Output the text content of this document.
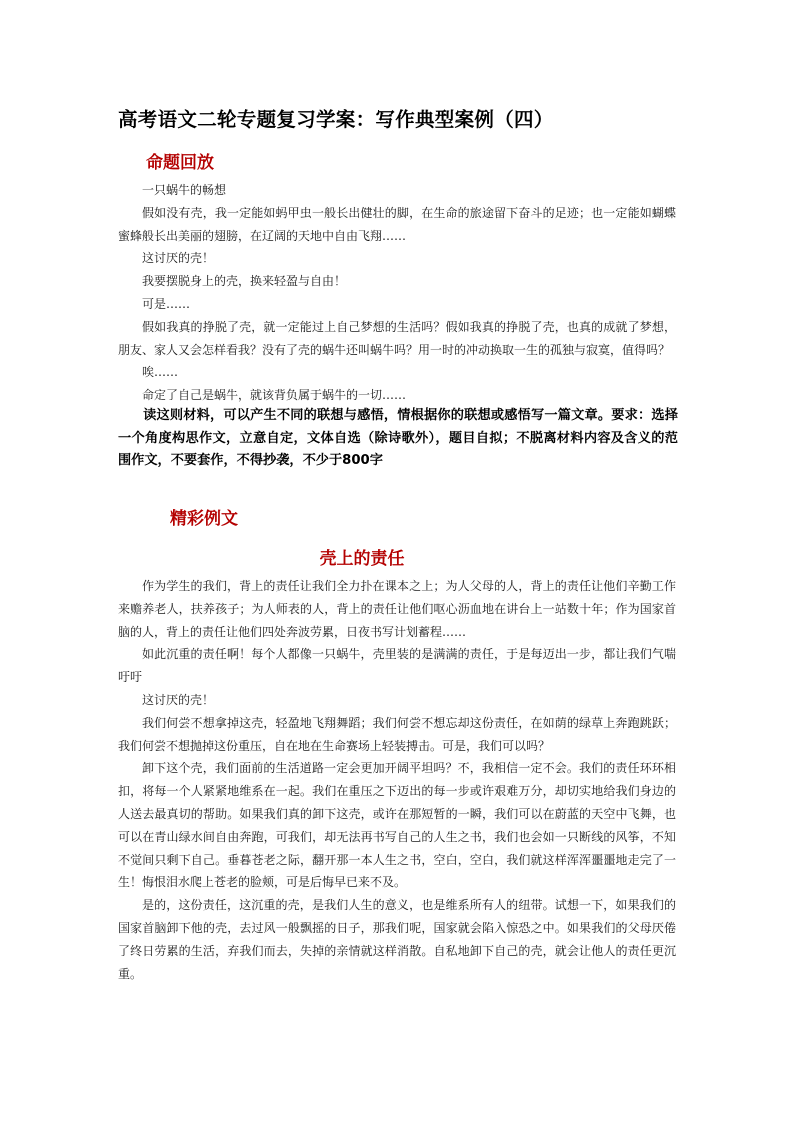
高考语文二轮专题复习学案：写作典型案例（四）
命题回放

一只蜗牛的畅想

假如没有壳，我一定能如蚂甲虫一般长出健壮的脚，在生命的旅途留下奋斗的足迹；也一定能如蝴蝶蜜蜂般长出美丽的翅膀，在辽阔的天地中自由飞翔……

这讨厌的壳！

我要摆脱身上的壳，换来轻盈与自由！

可是……

假如我真的挣脱了壳，就一定能过上自己梦想的生活吗？假如我真的挣脱了壳，也真的成就了梦想，朋友、家人又会怎样看我？没有了壳的蜗牛还叫蜗牛吗？用一时的冲动换取一生的孤独与寂寞，值得吗？

唉……

命定了自己是蜗牛，就该背负属于蜗牛的一切……

读这则材料，可以产生不同的联想与感悟，情根据你的联想或感悟写一篇文章。要求：选择一个角度构思作文，立意自定，文体自选（除诗歌外），题目自拟；不脱离材料内容及含义的范围作文，不要套作，不得抄袭，不少于800字

精彩例文
壳上的责任

作为学生的我们，背上的责任让我们全力扑在课本之上；为人父母的人，背上的责任让他们辛勤工作来赡养老人，扶养孩子；为人师表的人，背上的责任让他们呕心沥血地在讲台上一站数十年；作为国家首脑的人，背上的责任让他们四处奔波劳累，日夜书写计划蓄程……

如此沉重的责任啊！每个人都像一只蜗牛，壳里装的是满满的责任，于是每迈出一步，都让我们气喘吁吁

这讨厌的壳！

我们何尝不想拿掉这壳，轻盈地飞翔舞蹈；我们何尝不想忘却这份责任，在如荫的绿草上奔跑跳跃；我们何尝不想抛掉这份重压，自在地在生命赛场上轻装搏击。可是，我们可以吗？

卸下这个壳，我们面前的生活道路一定会更加开阔平坦吗？不，我相信一定不会。我们的责任环环相扣，将每一个人紧紧地维系在一起。我们在重压之下迈出的每一步或许艰难万分，却切实地给我们身边的人送去最真切的帮助。如果我们真的卸下这壳，或许在那短暂的一瞬，我们可以在蔚蓝的天空中飞舞，也可以在青山绿水间自由奔跑，可我们，却无法再书写自己的人生之书，我们也会如一只断线的风筝，不知不觉间只剩下自己。垂暮苍老之际，翻开那一本人生之书，空白，空白，我们就这样浑浑噩噩地走完了一生！悔恨泪水爬上苍老的脸颊，可是后悔早已来不及。

是的，这份责任，这沉重的壳，是我们人生的意义，也是维系所有人的纽带。试想一下，如果我们的国家首脑卸下他的壳，去过风一般飘摇的日子，那我们呢，国家就会陷入惊恐之中。如果我们的父母厌倦了终日劳累的生活，弃我们而去，失掉的亲情就这样消散。自私地卸下自己的壳，就会让他人的责任更沉重。
